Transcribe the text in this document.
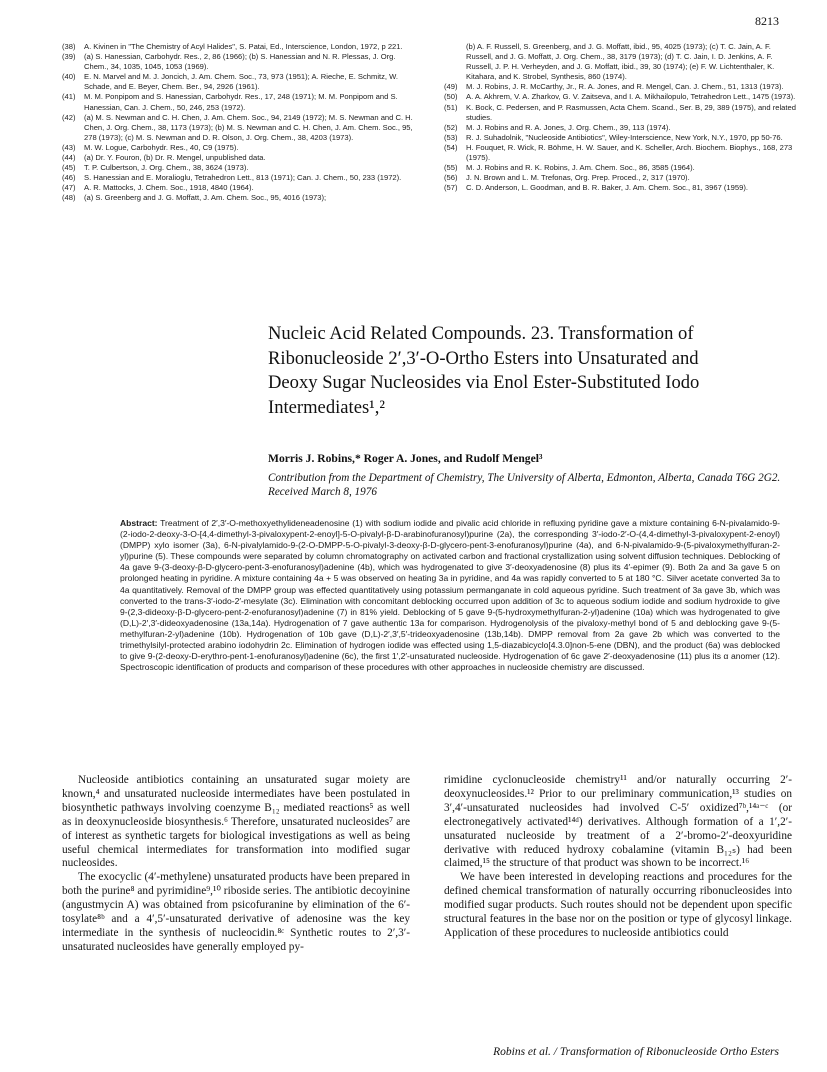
8213
(38)	A. Kivinen in "The Chemistry of Acyl Halides", S. Patai, Ed., Interscience, London, 1972, p 221.
(39)	(a) S. Hanessian, Carbohydr. Res., 2, 86 (1966); (b) S. Hanessian and N. R. Plessas, J. Org. Chem., 34, 1035, 1045, 1053 (1969).
(40)	E. N. Marvel and M. J. Joncich, J. Am. Chem. Soc., 73, 973 (1951); A. Rieche, E. Schmitz, W. Schade, and E. Beyer, Chem. Ber., 94, 2926 (1961).
(41)	M. M. Ponpipom and S. Hanessian, Carbohydr. Res., 17, 248 (1971); M. M. Ponpipom and S. Hanessian, Can. J. Chem., 50, 246, 253 (1972).
(42)	(a) M. S. Newman and C. H. Chen, J. Am. Chem. Soc., 94, 2149 (1972); M. S. Newman and C. H. Chen, J. Org. Chem., 38, 1173 (1973); (b) M. S. Newman and C. H. Chen, J. Am. Chem. Soc., 95, 278 (1973); (c) M. S. Newman and D. R. Olson, J. Org. Chem., 38, 4203 (1973).
(43)	M. W. Logue, Carbohydr. Res., 40, C9 (1975).
(44)	(a) Dr. Y. Fouron, (b) Dr. R. Mengel, unpublished data.
(45)	T. P. Culbertson, J. Org. Chem., 38, 3624 (1973).
(46)	S. Hanessian and E. Moralioglu, Tetrahedron Lett., 813 (1971); Can. J. Chem., 50, 233 (1972).
(47)	A. R. Mattocks, J. Chem. Soc., 1918, 4840 (1964).
(48)	(a) S. Greenberg and J. G. Moffatt, J. Am. Chem. Soc., 95, 4016 (1973);
(b) A. F. Russell, S. Greenberg, and J. G. Moffatt, ibid., 95, 4025 (1973); (c) T. C. Jain, A. F. Russell, and J. G. Moffatt, J. Org. Chem., 38, 3179 (1973); (d) T. C. Jain, I. D. Jenkins, A. F. Russell, J. P. H. Verheyden, and J. G. Moffatt, ibid., 39, 30 (1974); (e) F. W. Lichtenthaler, K. Kitahara, and K. Strobel, Synthesis, 860 (1974).
(49)	M. J. Robins, J. R. McCarthy, Jr., R. A. Jones, and R. Mengel, Can. J. Chem., 51, 1313 (1973).
(50)	A. A. Akhrem, V. A. Zharkov, G. V. Zaitseva, and I. A. Mikhailopulo, Tetrahedron Lett., 1475 (1973).
(51)	K. Bock, C. Pedersen, and P. Rasmussen, Acta Chem. Scand., Ser. B, 29, 389 (1975), and related studies.
(52)	M. J. Robins and R. A. Jones, J. Org. Chem., 39, 113 (1974).
(53)	R. J. Suhadolnik, "Nucleoside Antibiotics", Wiley-Interscience, New York, N.Y., 1970, pp 50-76.
(54)	H. Fouquet, R. Wick, R. Böhme, H. W. Sauer, and K. Scheller, Arch. Biochem. Biophys., 168, 273 (1975).
(55)	M. J. Robins and R. K. Robins, J. Am. Chem. Soc., 86, 3585 (1964).
(56)	J. N. Brown and L. M. Trefonas, Org. Prep. Proced., 2, 317 (1970).
(57)	C. D. Anderson, L. Goodman, and B. R. Baker, J. Am. Chem. Soc., 81, 3967 (1959).
Nucleic Acid Related Compounds. 23. Transformation of
Ribonucleoside 2′,3′-O-Ortho Esters into Unsaturated and
Deoxy Sugar Nucleosides via Enol Ester-Substituted Iodo
Intermediates¹,²
Morris J. Robins,* Roger A. Jones, and Rudolf Mengel³
Contribution from the Department of Chemistry, The University of Alberta, Edmonton, Alberta, Canada T6G 2G2. Received March 8, 1976
Abstract: Treatment of 2′,3′-O-methoxyethylideneadenosine (1) with sodium iodide and pivalic acid chloride in refluxing pyridine gave a mixture containing 6-N-pivalamido-9-(2-iodo-2-deoxy-3-O-[4,4-dimethyl-3-pivaloxypent-2-enoyl]-5-O-pivalyl-β-D-arabinofuranosyl)purine (2a), the corresponding 3′-iodo-2′-O-(4,4-dimethyl-3-pivaloxypent-2-enoyl) (DMPP) xylo isomer (3a), 6-N-pivalylamido-9-(2-O-DMPP-5-O-pivalyl-3-deoxy-β-D-glycero-pent-3-enofuranosyl)purine (4a), and 6-N-pivalamido-9-(5-pivaloxymethylfuran-2-yl)purine (5). These compounds were separated by column chromatography on activated carbon and fractional crystallization using solvent diffusion techniques. Deblocking of 4a gave 9-(3-deoxy-β-D-glycero-pent-3-enofuranosyl)adenine (4b), which was hydrogenated to give 3′-deoxyadenosine (8) plus its 4′-epimer (9). Both 2a and 3a gave 5 on prolonged heating in pyridine. A mixture containing 4a + 5 was observed on heating 3a in pyridine, and 4a was rapidly converted to 5 at 180 °C. Silver acetate converted 3a to 4a quantitatively. Removal of the DMPP group was effected quantitatively using potassium permanganate in cold aqueous pyridine. Such treatment of 3a gave 3b, which was converted to the trans-3′-iodo-2′-mesylate (3c). Elimination with concomitant deblocking occurred upon addition of 3c to aqueous sodium iodide and sodium hydroxide to give 9-(2,3-dideoxy-β-D-glycero-pent-2-enofuranosyl)adenine (7) in 81% yield. Deblocking of 5 gave 9-(5-hydroxymethylfuran-2-yl)adenine (10a) which was hydrogenated to give (D,L)-2′,3′-dideoxyadenosine (13a,14a). Hydrogenation of 7 gave authentic 13a for comparison. Hydrogenolysis of the pivaloxy-methyl bond of 5 and deblocking gave 9-(5-methylfuran-2-yl)adenine (10b). Hydrogenation of 10b gave (D,L)-2′,3′,5′-trideoxyadenosine (13b,14b). DMPP removal from 2a gave 2b which was converted to the trimethylsilyl-protected arabino iodohydrin 2c. Elimination of hydrogen iodide was effected using 1,5-diazabicyclo[4.3.0]non-5-ene (DBN), and the product (6a) was deblocked to give 9-(2-deoxy-D-erythro-pent-1-enofuranosyl)adenine (6c), the first 1′,2′-unsaturated nucleoside. Hydrogenation of 6c gave 2′-deoxyadenosine (11) plus its α anomer (12). Spectroscopic identification of products and comparison of these procedures with other approaches in nucleoside chemistry are discussed.

Nucleoside antibiotics containing an unsaturated sugar moiety are known,⁴ and unsaturated nucleoside intermediates have been postulated in biosynthetic pathways involving coenzyme B₁₂ mediated reactions⁵ as well as in deoxynucleoside biosynthesis.⁶ Therefore, unsaturated nucleosides⁷ are of interest as synthetic targets for biological investigations as well as being useful chemical intermediates for transformation into modified sugar nucleosides.

The exocyclic (4′-methylene) unsaturated products have been prepared in both the purine⁸ and pyrimidine⁹,¹⁰ riboside series. The antibiotic decoyinine (angustmycin A) was obtained from psicofuranine by elimination of the 6′-tosylate⁸ᵇ and a 4′,5′-unsaturated derivative of adenosine was the key intermediate in the synthesis of nucleocidin.⁸ᶜ Synthetic routes to 2′,3′-unsaturated nucleosides have generally employed py-

rimidine cyclonucleoside chemistry¹¹ and/or naturally occurring 2′-deoxynucleosides.¹² Prior to our preliminary communication,¹³ studies on 3′,4′-unsaturated nucleosides had involved C-5′ oxidized⁷ᵇ,¹⁴ᵃ⁻ᶜ (or electronegatively activated¹⁴ᵈ) derivatives. Although formation of a 1′,2′-unsaturated nucleoside by treatment of a 2′-bromo-2′-deoxyuridine derivative with reduced hydroxy cobalamine (vitamin B₁₂ₛ) had been claimed,¹⁵ the structure of that product was shown to be incorrect.¹⁶

We have been interested in developing reactions and procedures for the defined chemical transformation of naturally occurring ribonucleosides into modified sugar products. Such routes should not be dependent upon specific structural features in the base nor on the position or type of glycosyl linkage. Application of these procedures to nucleoside antibiotics could

Robins et al. / Transformation of Ribonucleoside Ortho Esters
